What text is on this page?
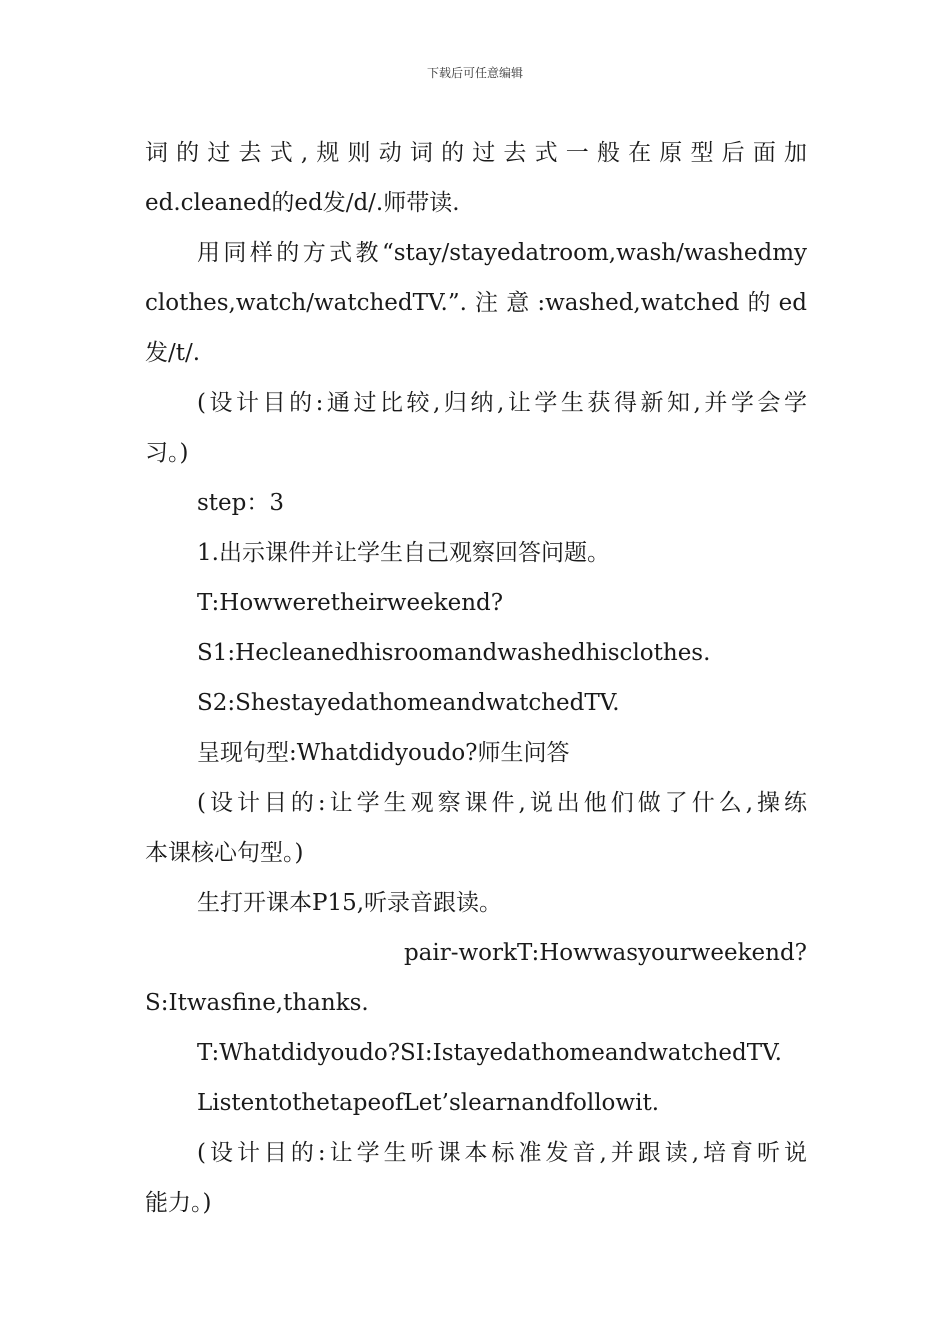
下载后可任意编辑
词的过去式,规则动词的过去式一般在原型后面加
ed.cleaned的ed发/d/.师带读.
用同样的方式教“stay/stayedatroom,wash/washedmy
clothes,watch/watchedTV.”.注意:washed,watched的ed
发/t/.
(设计目的:通过比较,归纳,让学生获得新知,并学会学
习。)
step：3
1.出示课件并让学生自己观察回答问题。
T:Howweretheirweekend?
S1:Hecleanedhisroomandwashedhisclothes.
S2:ShestayedathomeandwatchedTV.
呈现句型:Whatdidyoudo?师生问答
(设计目的:让学生观察课件,说出他们做了什么,操练
本课核心句型。)
生打开课本P15,听录音跟读。
pair-workT:Howwasyourweekend?
S:Itwasfine,thanks.
T:Whatdidyoudo?SI:IstayedathomeandwatchedTV.
ListentothetapeofLet’slearnandfollowit.
(设计目的:让学生听课本标准发音,并跟读,培育听说
能力。)
